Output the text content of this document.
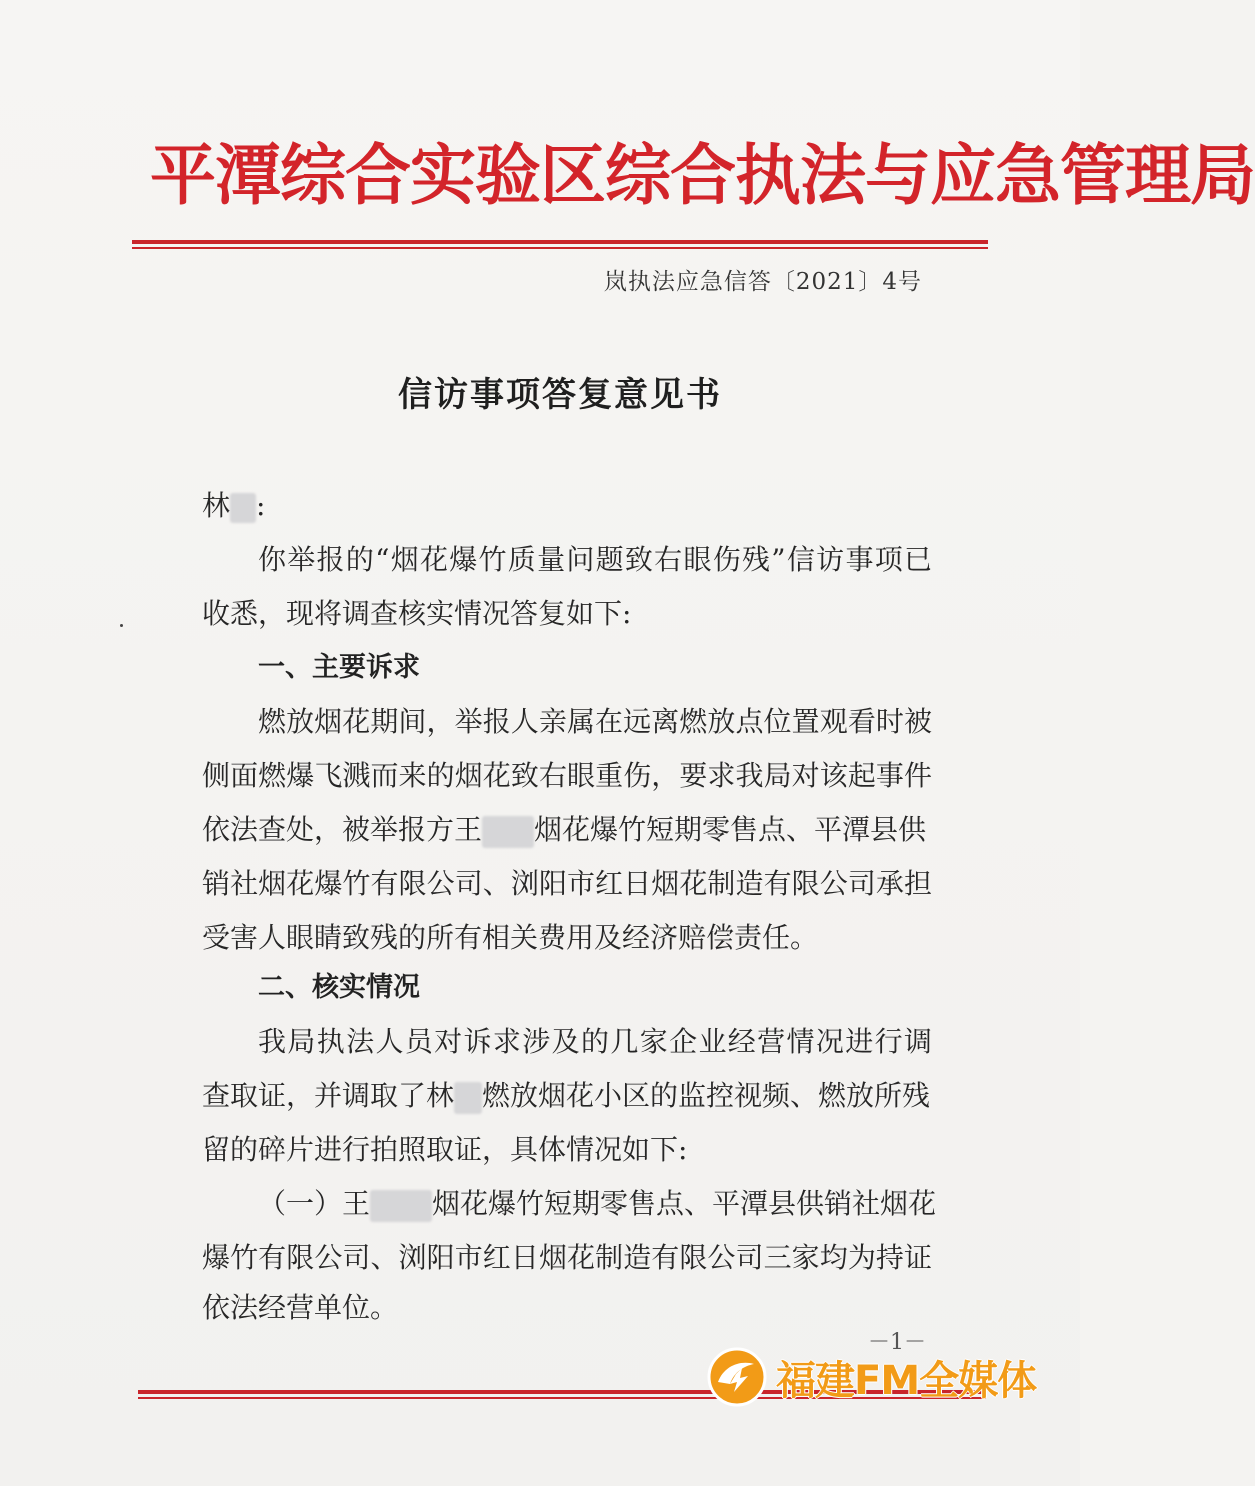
平潭综合实验区综合执法与应急管理局
岚执法应急信答〔2021〕4号
信访事项答复意见书
林 :
你举报的“烟花爆竹质量问题致右眼伤残”信访事项已
收悉，现将调查核实情况答复如下:
一、主要诉求
燃放烟花期间，举报人亲属在远离燃放点位置观看时被
侧面燃爆飞溅而来的烟花致右眼重伤，要求我局对该起事件
依法查处，被举报方王 烟花爆竹短期零售点、平潭县供
销社烟花爆竹有限公司、浏阳市红日烟花制造有限公司承担
受害人眼睛致残的所有相关费用及经济赔偿责任。
二、核实情况
我局执法人员对诉求涉及的几家企业经营情况进行调
查取证，并调取了林 燃放烟花小区的监控视频、燃放所残
留的碎片进行拍照取证，具体情况如下:
（一）王 烟花爆竹短期零售点、平潭县供销社烟花
爆竹有限公司、浏阳市红日烟花制造有限公司三家均为持证
依法经营单位。
－1－
福建FM全媒体
